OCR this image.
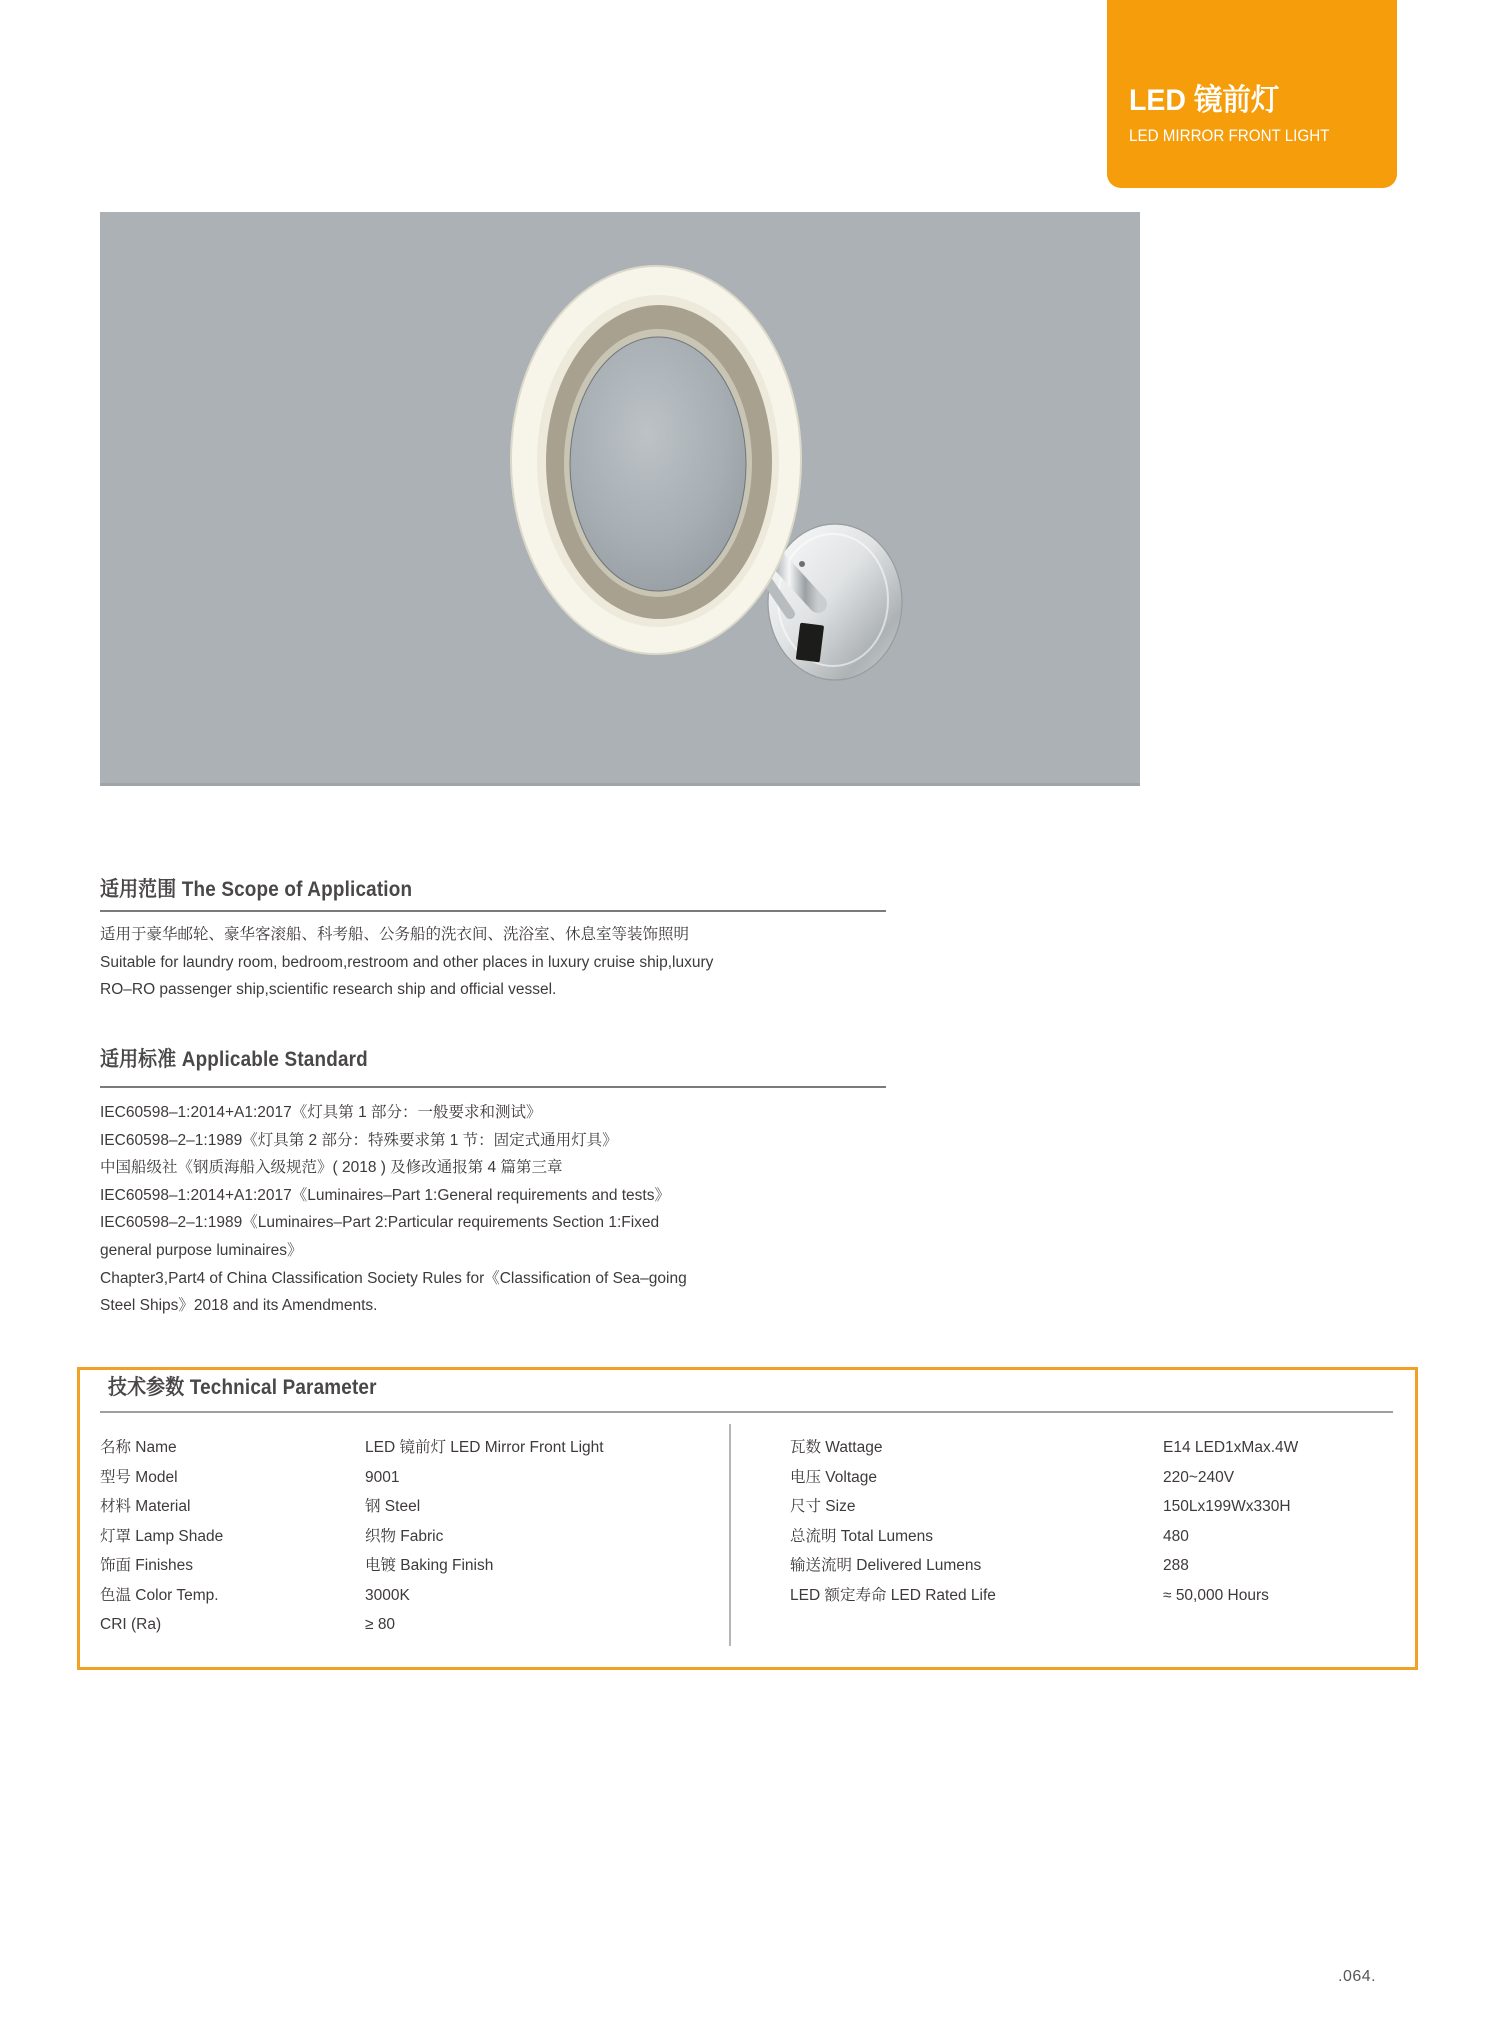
LED 镜前灯
LED MIRROR FRONT LIGHT
适用范围 The Scope of Application
适用于豪华邮轮、豪华客滚船、科考船、公务船的洗衣间、洗浴室、休息室等装饰照明
Suitable for laundry room, bedroom,restroom and other places in luxury cruise ship,luxury
RO–RO passenger ship,scientific research ship and official vessel.
适用标准 Applicable Standard
IEC60598–1:2014+A1:2017《灯具第 1 部分：一般要求和测试》
IEC60598–2–1:1989《灯具第 2 部分：特殊要求第 1 节：固定式通用灯具》
中国船级社《钢质海船入级规范》( 2018 ) 及修改通报第 4 篇第三章
IEC60598–1:2014+A1:2017《Luminaires–Part 1:General requirements and tests》
IEC60598–2–1:1989《Luminaires–Part 2:Particular requirements Section 1:Fixed
general purpose luminaires》
Chapter3,Part4 of China Classification Society Rules for《Classification of Sea–going
Steel Ships》2018 and its Amendments.
技术参数 Technical Parameter
名称 Name
型号 Model
材料 Material
灯罩 Lamp Shade
饰面 Finishes
色温 Color Temp.
CRI (Ra)
LED 镜前灯 LED Mirror Front Light
9001
钢 Steel
织物 Fabric
电镀 Baking Finish
3000K
≥ 80
瓦数 Wattage
电压 Voltage
尺寸 Size
总流明 Total Lumens
输送流明 Delivered Lumens
LED 额定寿命 LED Rated Life
E14 LED1xMax.4W
220~240V
150Lx199Wx330H
480
288
≈ 50,000 Hours
.064.
